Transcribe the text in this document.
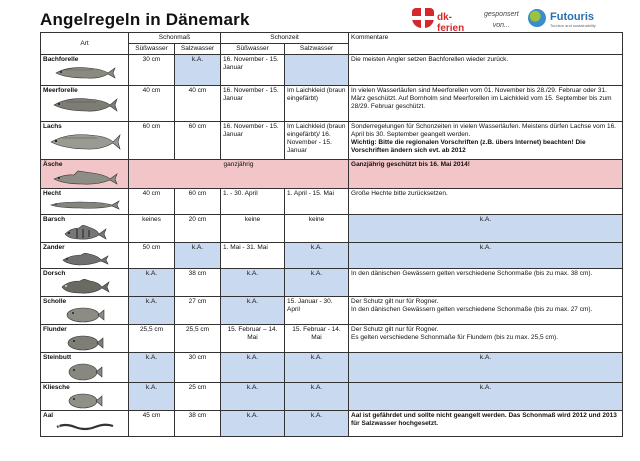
Angelregeln in Dänemark	dk-ferien
gesponsert
von...
Futouris
Tourism and sustainability
Art	Schonmaß		Schonzeit		Kommentare
	Süßwasser	Salzwasser	Süßwasser	Salzwasser	

Bachforelle	30 cm	k.A.	16. November - 15. Januar		Die meisten Angler setzen Bachforellen wieder zurück.

Meerforelle	40 cm	40 cm	16. November - 15. Januar	Im Laichkleid (braun eingefärbt)	In vielen Wasserläufen sind Meerforellen vom 01. November bis 28./29. Februar oder 31. März geschützt. Auf Bornholm sind Meerforellen im Laichkleid vom 15. September bis zum 28/29. Februar geschützt.

Lachs	60 cm	60 cm	16. November - 15. Januar	Im Laichkleid (braun eingefärbt)/ 16. November - 15. Januar	Sonderregelungen für Schonzeiten in vielen Wasserläufen. Meistens dürfen Lachse vom 16. April bis 30. September geangelt werden.
Wichtig: Bitte die regionalen Vorschriften (z.B. übers Internet) beachten! Die Vorschriften ändern sich evt. ab 2012

Äsche	ganzjährig				Ganzjährig geschützt bis 16. Mai 2014!

Hecht	40 cm	60 cm	1. - 30. April	1. April - 15. Mai	Große Hechte bitte zurücksetzen.

Barsch	keines	20 cm	keine	keine	k.A.

Zander	50 cm	k.A.	1. Mai - 31. Mai	k.A.	k.A.

Dorsch	k.A.	38 cm	k.A.	k.A.	In den dänischen Gewässern gelten verschiedene Schonmaße (bis zu max. 38 cm).

Scholle	k.A.	27 cm	k.A.	15. Januar - 30. April	Der Schutz gilt nur für Rogner.
In den dänischen Gewässern gelten verschiedene Schonmaße (bis zu max. 27 cm).

Flunder	25,5 cm	25,5 cm	15. Februar – 14. Mai	15. Februar - 14. Mai	Der Schutz gilt nur für Rogner.
Es gelten verschiedene Schonmaße für Flundern (bis zu max. 25,5 cm).

Steinbutt	k.A.	30 cm	k.A.	k.A.	k.A.

Kliesche	k.A.	25 cm	k.A.	k.A.	k.A.

Aal	45 cm	38 cm	k.A.	k.A.	Aal ist gefährdet und sollte nicht geangelt werden. Das Schonmaß wird 2012 und 2013 für Salzwasser hochgesetzt.
